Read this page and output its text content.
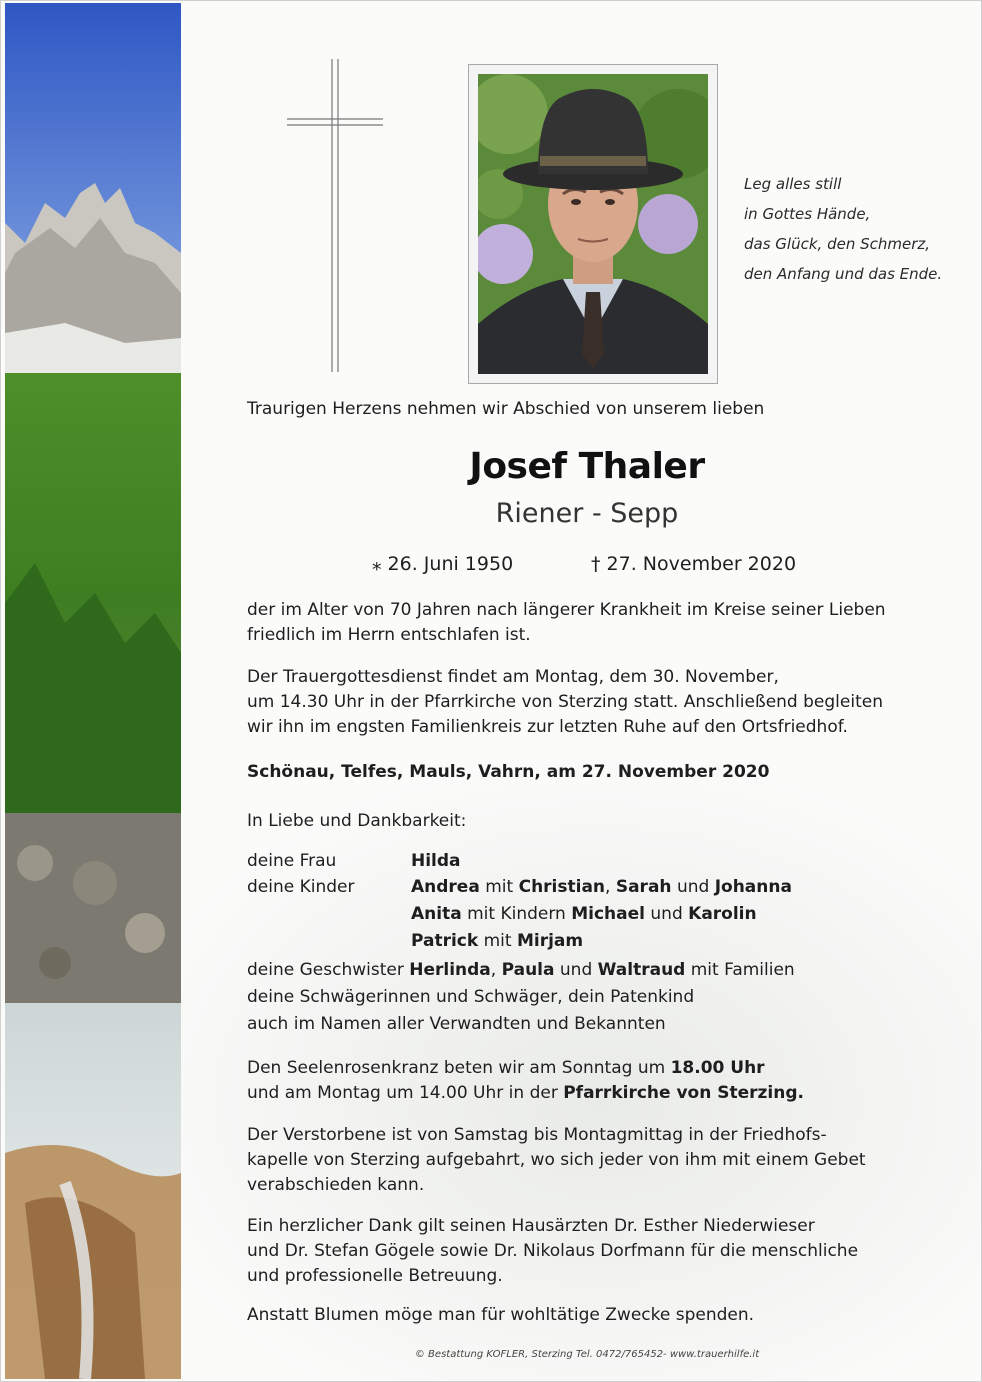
Leg alles still
in Gottes Hände,
das Glück, den Schmerz,
den Anfang und das Ende.
Traurigen Herzens nehmen wir Abschied von unserem lieben
Josef Thaler
Riener - Sepp
⁎ 26. Juni 1950	† 27. November 2020
der im Alter von 70 Jahren nach längerer Krankheit im Kreise seiner Lieben
friedlich im Herrn entschlafen ist.
Der Trauergottesdienst findet am Montag, dem 30. November,
um 14.30 Uhr in der Pfarrkirche von Sterzing statt. Anschließend begleiten
wir ihn im engsten Familienkreis zur letzten Ruhe auf den Ortsfriedhof.
Schönau, Telfes, Mauls, Vahrn, am 27. November 2020
In Liebe und Dankbarkeit:
deine Frau	Hilda
deine Kinder	Andrea mit Christian, Sarah und Johanna
Anita mit Kindern Michael und Karolin
Patrick mit Mirjam
deine Geschwister Herlinda, Paula und Waltraud mit Familien
deine Schwägerinnen und Schwäger, dein Patenkind
auch im Namen aller Verwandten und Bekannten
Den Seelenrosenkranz beten wir am Sonntag um 18.00 Uhr
und am Montag um 14.00 Uhr in der Pfarrkirche von Sterzing.
Der Verstorbene ist von Samstag bis Montagmittag in der Friedhofs-
kapelle von Sterzing aufgebahrt, wo sich jeder von ihm mit einem Gebet
verabschieden kann.
Ein herzlicher Dank gilt seinen Hausärzten Dr. Esther Niederwieser
und Dr. Stefan Gögele sowie Dr. Nikolaus Dorfmann für die menschliche
und professionelle Betreuung.
Anstatt Blumen möge man für wohltätige Zwecke spenden.
© Bestattung KOFLER, Sterzing Tel. 0472/765452- www.trauerhilfe.it
